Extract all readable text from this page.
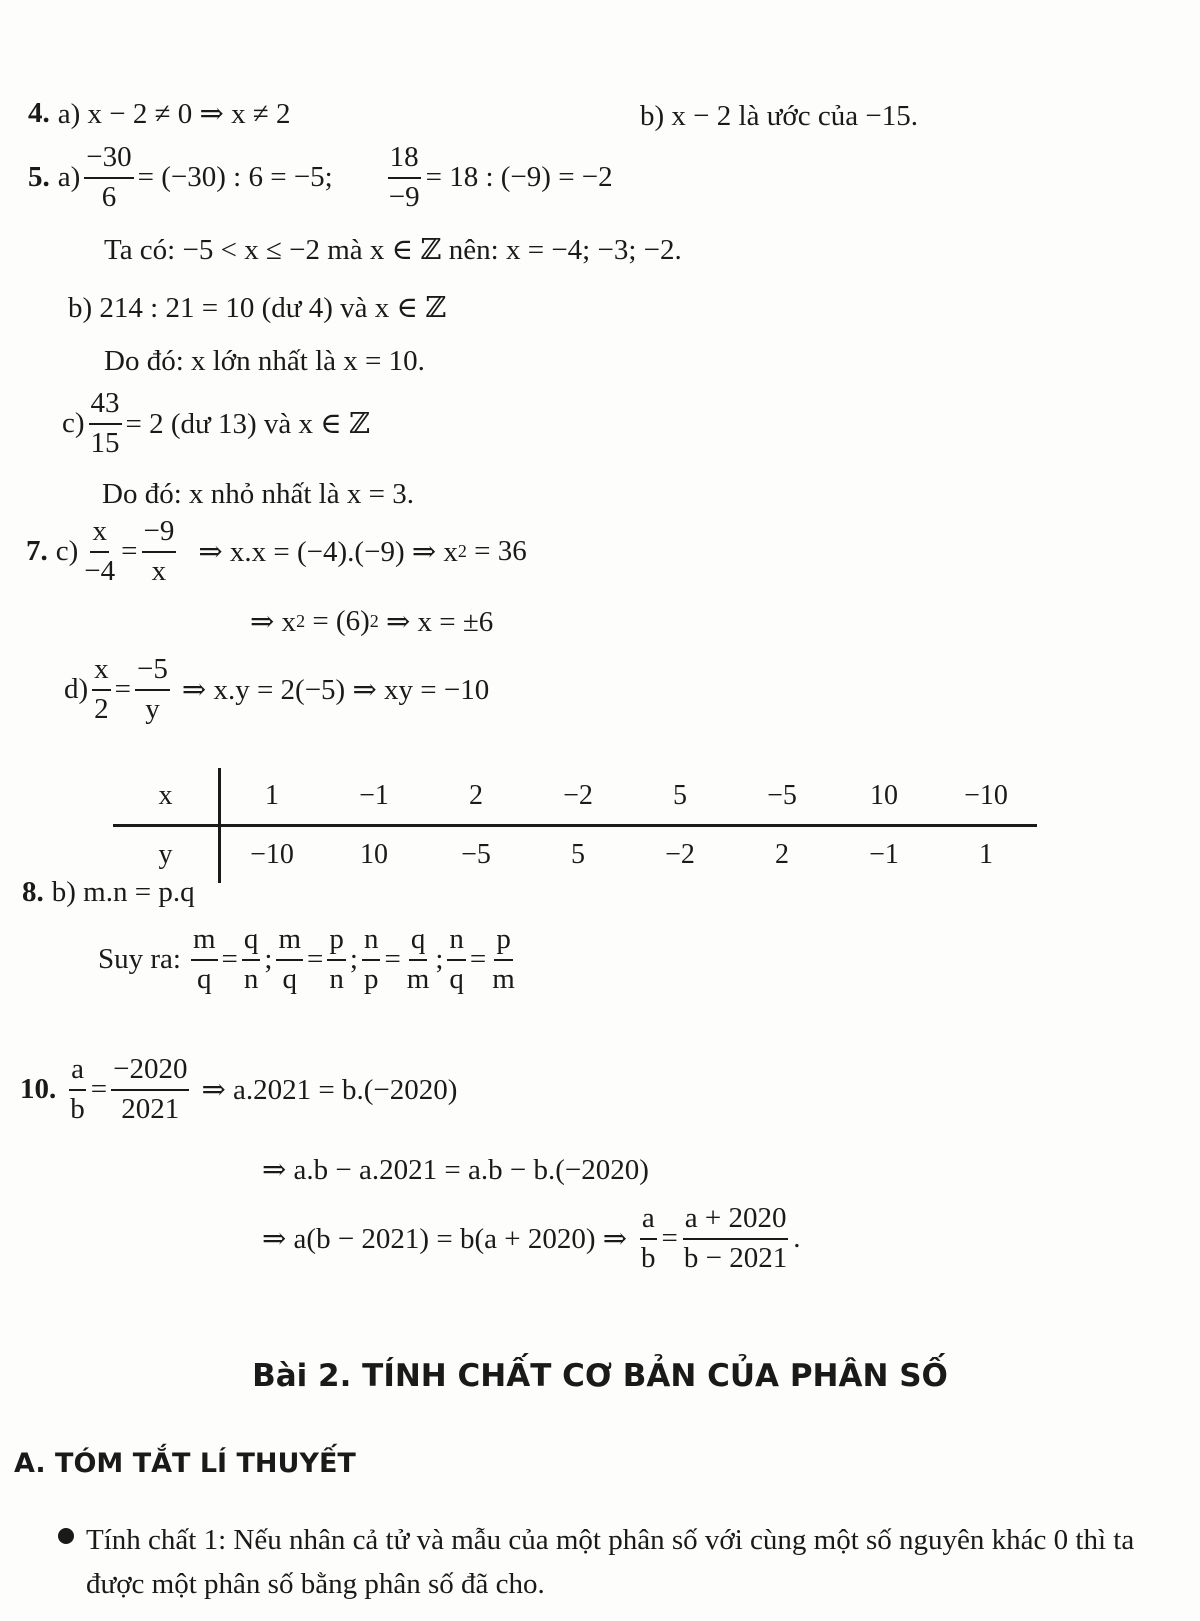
4. a) x − 2 ≠ 0 ⇒ x ≠ 2	b) x − 2 là ước của −15.
5. $a) \frac{-30}{6} = (-30)$ : 6 = −5; $\frac{18}{-9} = 18$ : (−9) = −2
Ta có: −5 < x ≤ −2 mà x ∈ ℤ nên: x = −4; −3; −2.
b) 214 : 21 = 10 (dư 4) và x ∈ ℤ
Do đó: x lớn nhất là x = 10.
$c) \frac{43}{15} = 2$ (dư 13) và x ∈ ℤ
Do đó: x nhỏ nhất là x = 3.
7. $c) \frac{x}{-4} = \frac{-9}{x}$ ⇒ x.x = (−4).(−9) ⇒ x 2 = 36
⇒ x 2 = (6) 2 ⇒ x = ±6
$d) \frac{x}{2} = \frac{-5}{y}$ ⇒ x.y = 2(−5) ⇒ xy = −10
x	1	−1	2	−2	5	−5	10	−10
y	−10	10	−5	5	−2	2	−1	1
8. b) m.n = p.q
Suy ra: $\frac{m}{q} = \frac{q}{n}$ ; $\frac{m}{q} = \frac{p}{n}$ ; $\frac{n}{p} = \frac{q}{m}$ ; $\frac{n}{q} = \frac{p}{m}$
10. $\frac{a}{b} = \frac{-2020}{2021}$ ⇒ a.2021 = b.(−2020)
⇒ a.b − a.2021 = a.b − b.(−2020)
⇒ a(b − 2021) = b(a + 2020) ⇒ $\frac{a}{b} = \frac{a + 2020}{b - 2021}$ .
Bài 2. TÍNH CHẤT CƠ BẢN CỦA PHÂN SỐ
A. TÓM TẮT LÍ THUYẾT
Tính chất 1: Nếu nhân cả tử và mẫu của một phân số với cùng một số nguyên khác 0 thì ta được một phân số bằng phân số đã cho.
